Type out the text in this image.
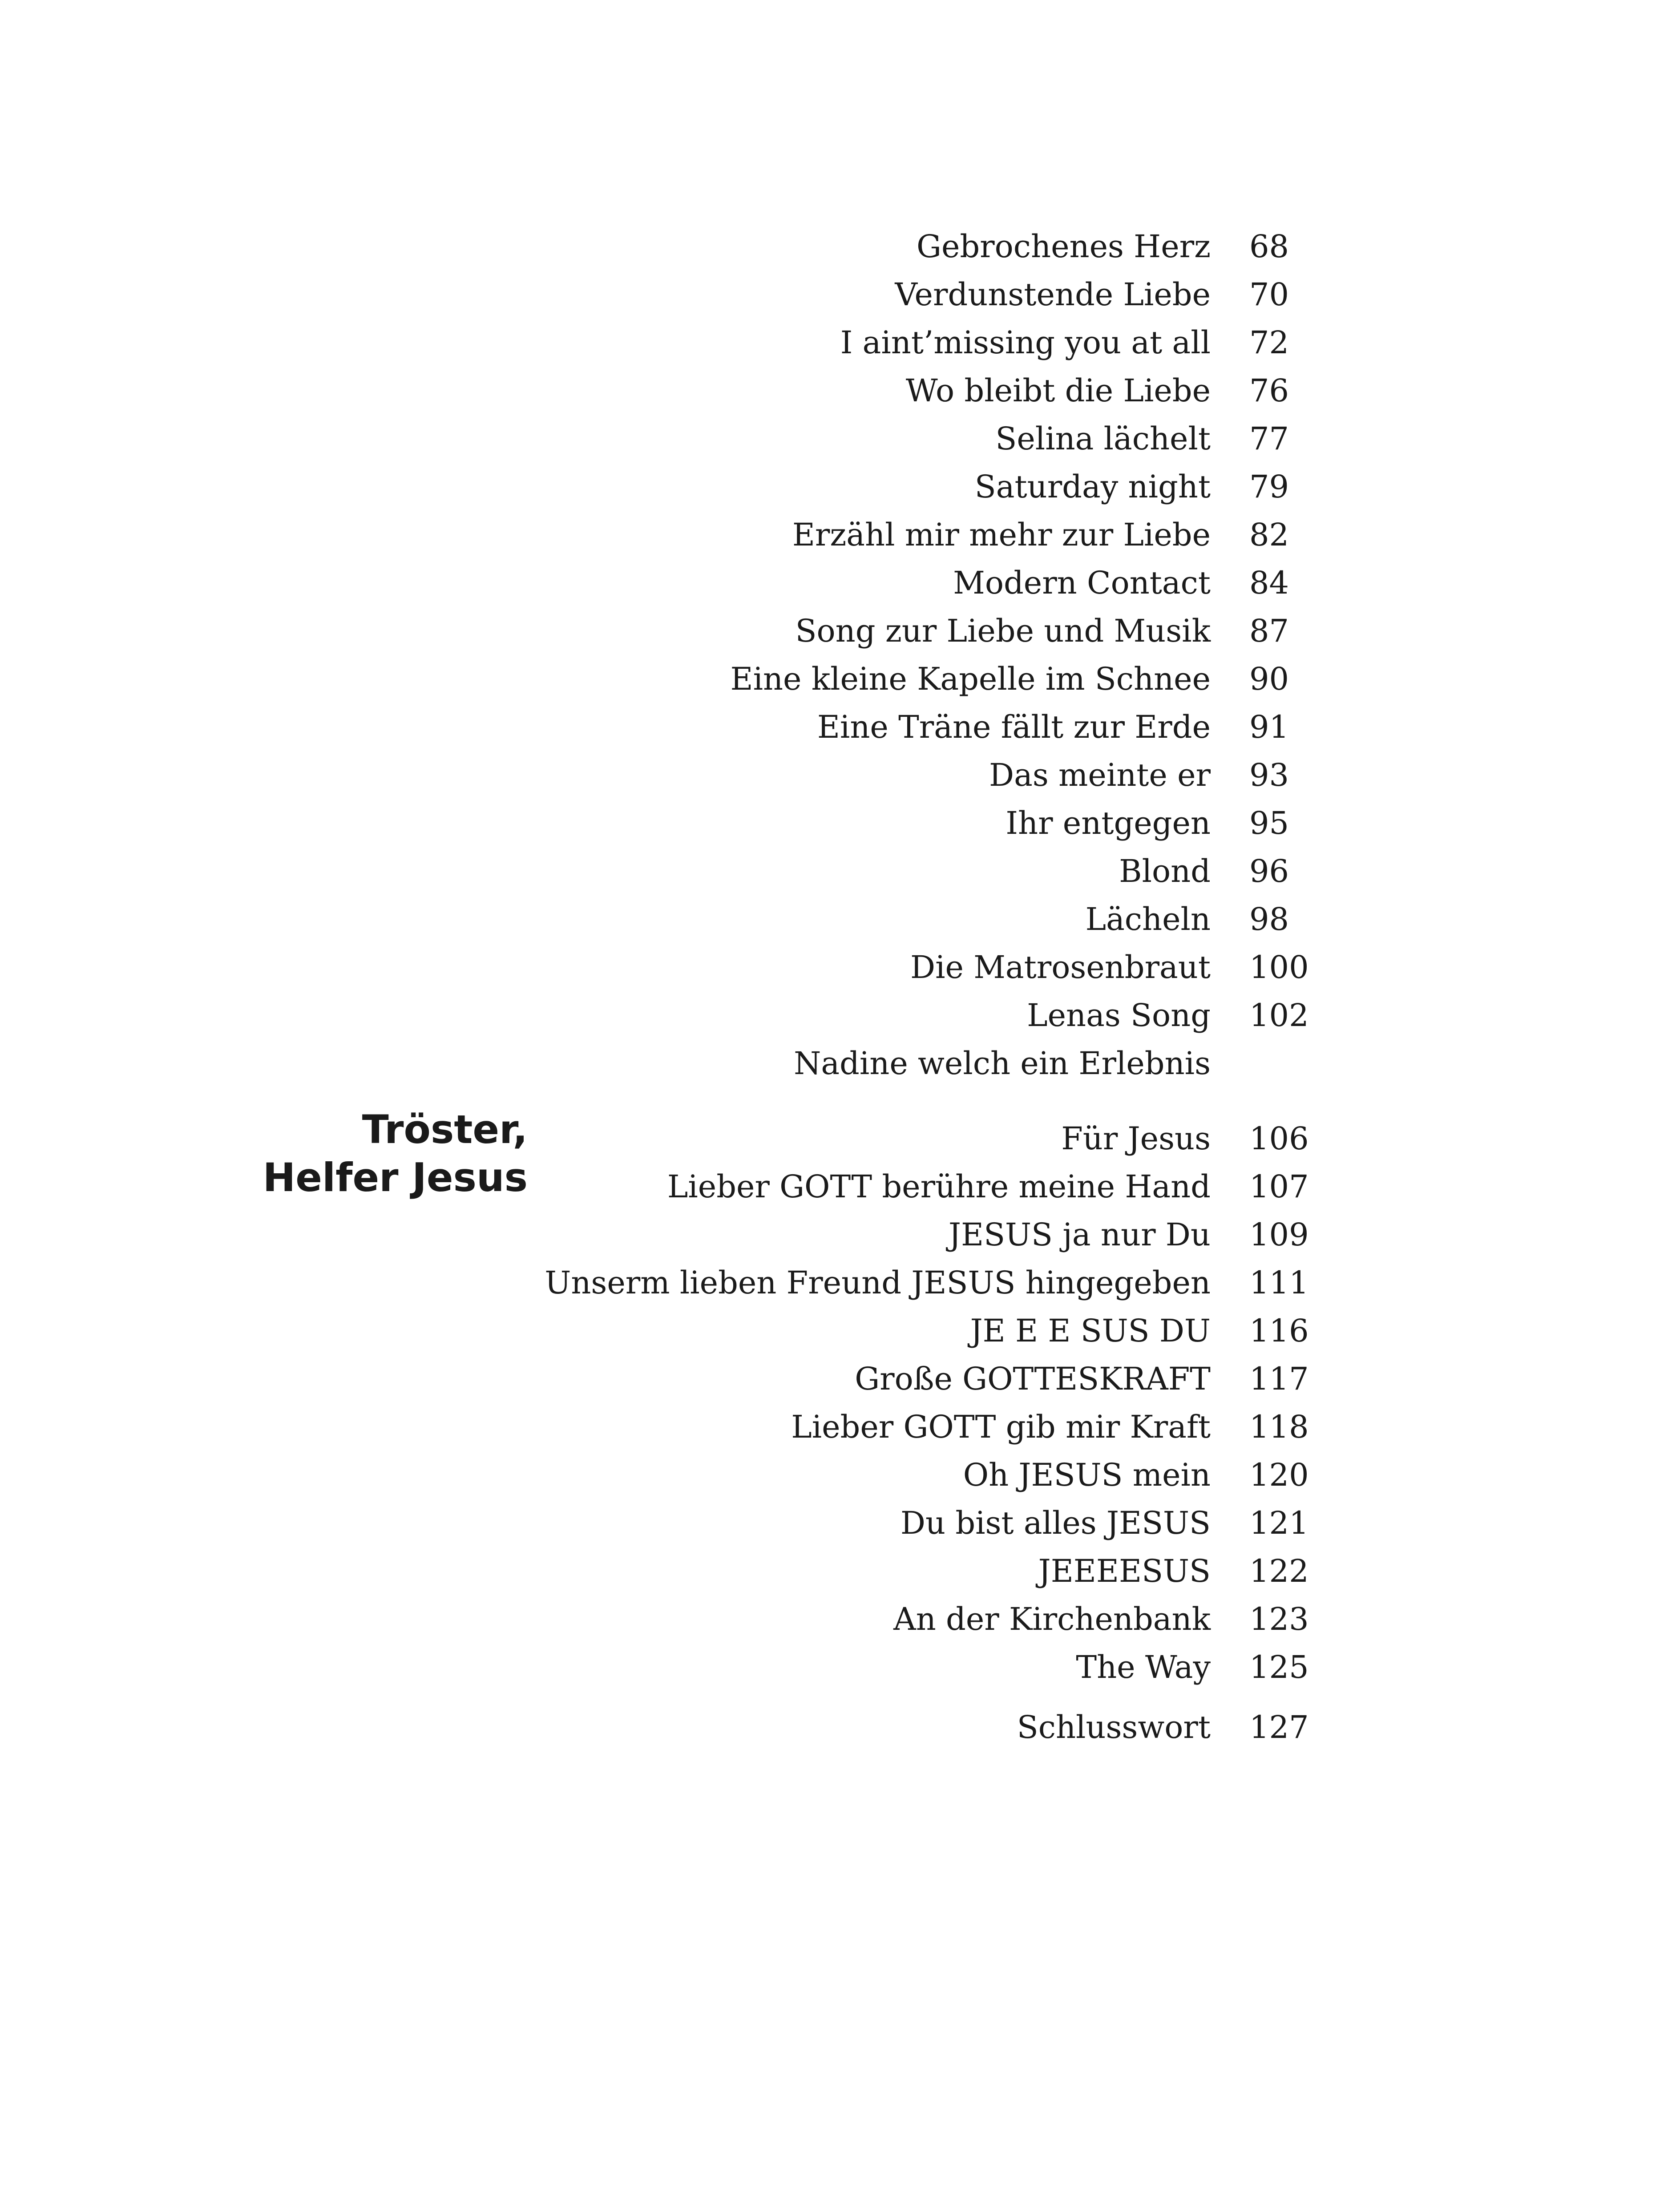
Gebrochenes Herz 68
Verdunstende Liebe 70
I aint’missing you at all 72
Wo bleibt die Liebe 76
Selina lächelt 77
Saturday night 79
Erzähl mir mehr zur Liebe 82
Modern Contact 84
Song zur Liebe und Musik 87
Eine kleine Kapelle im Schnee 90
Eine Träne fällt zur Erde 91
Das meinte er 93
Ihr entgegen 95
Blond 96
Lächeln 98
Die Matrosenbraut 100
Lenas Song 102
Nadine welch ein Erlebnis
Tröster,
Helfer Jesus
Für Jesus 106
Lieber GOTT berühre meine Hand 107
JESUS ja nur Du 109
Unserm lieben Freund JESUS hingegeben 111
JE E E SUS DU 116
Große GOTTESKRAFT 117
Lieber GOTT gib mir Kraft 118
Oh JESUS mein 120
Du bist alles JESUS 121
JEEEESUS 122
An der Kirchenbank 123
The Way 125
Schlusswort 127
